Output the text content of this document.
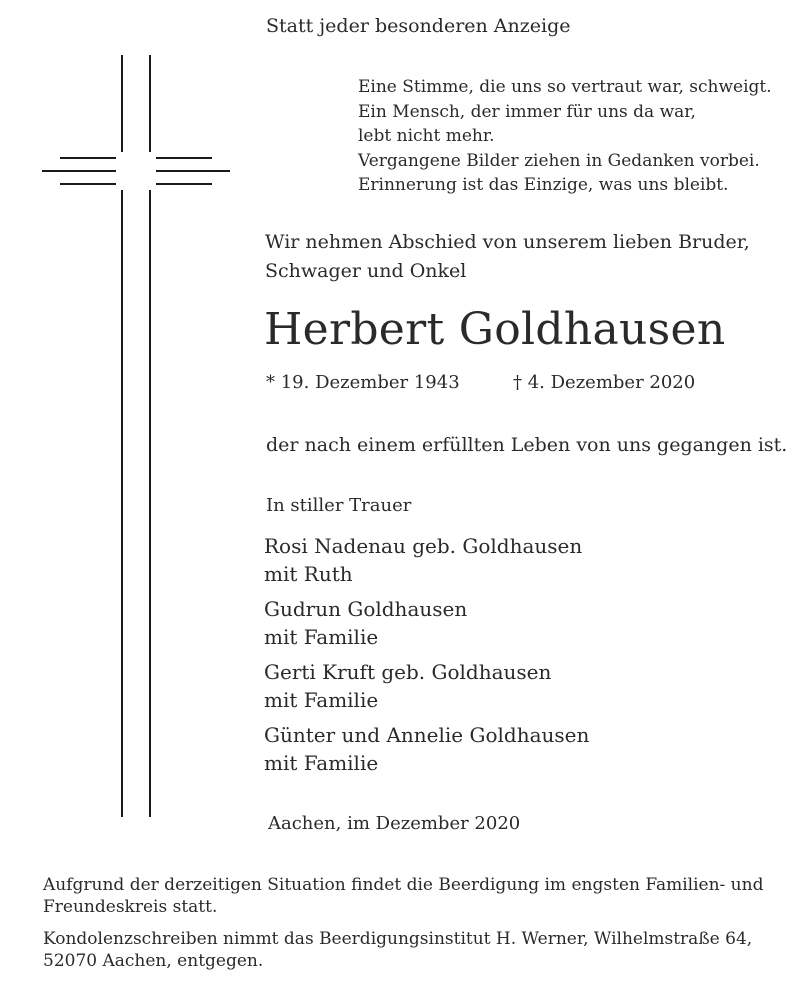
Statt jeder besonderen Anzeige
Eine Stimme, die uns so vertraut war, schweigt.
Ein Mensch, der immer für uns da war,
lebt nicht mehr.
Vergangene Bilder ziehen in Gedanken vorbei.
Erinnerung ist das Einzige, was uns bleibt.
Wir nehmen Abschied von unserem lieben Bruder,
Schwager und Onkel
Herbert Goldhausen
* 19. Dezember 1943	† 4. Dezember 2020
der nach einem erfüllten Leben von uns gegangen ist.
In stiller Trauer
Rosi Nadenau geb. Goldhausen
mit Ruth
Gudrun Goldhausen
mit Familie
Gerti Kruft geb. Goldhausen
mit Familie
Günter und Annelie Goldhausen
mit Familie
Aachen, im Dezember 2020
Aufgrund der derzeitigen Situation findet die Beerdigung im engsten Familien- und
Freundeskreis statt.
Kondolenzschreiben nimmt das Beerdigungsinstitut H. Werner, Wilhelmstraße 64,
52070 Aachen, entgegen.
